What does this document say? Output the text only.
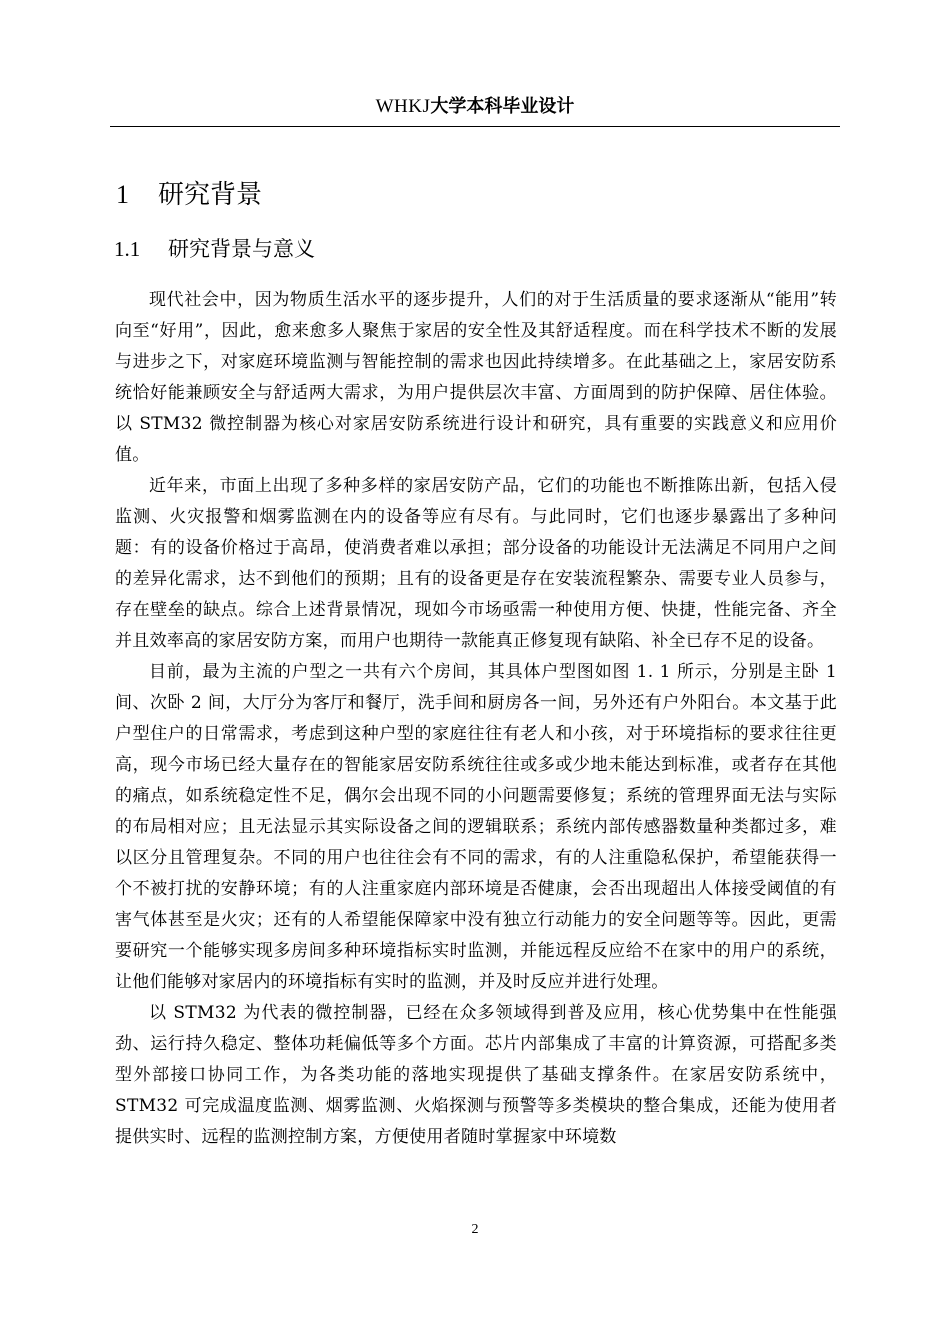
WHKJ大学本科毕业设计
1 研究背景
1.1 研究背景与意义

现代社会中，因为物质生活水平的逐步提升，人们的对于生活质量的要求逐渐从“能用”转向至“好用”，因此，愈来愈多人聚焦于家居的安全性及其舒适程度。而在科学技术不断的发展与进步之下，对家庭环境监测与智能控制的需求也因此持续增多。在此基础之上，家居安防系统恰好能兼顾安全与舒适两大需求，为用户提供层次丰富、方面周到的防护保障、居住体验。以 STM32 微控制器为核心对家居安防系统进行设计和研究，具有重要的实践意义和应用价值。

近年来，市面上出现了多种多样的家居安防产品，它们的功能也不断推陈出新，包括入侵监测、火灾报警和烟雾监测在内的设备等应有尽有。与此同时，它们也逐步暴露出了多种问题：有的设备价格过于高昂，使消费者难以承担；部分设备的功能设计无法满足不同用户之间的差异化需求，达不到他们的预期；且有的设备更是存在安装流程繁杂、需要专业人员参与，存在壁垒的缺点。综合上述背景情况，现如今市场亟需一种使用方便、快捷，性能完备、齐全并且效率高的家居安防方案，而用户也期待一款能真正修复现有缺陷、补全已存不足的设备。

目前，最为主流的户型之一共有六个房间，其具体户型图如图 1. 1 所示，分别是主卧 1 间、次卧 2 间，大厅分为客厅和餐厅，洗手间和厨房各一间，另外还有户外阳台。本文基于此户型住户的日常需求，考虑到这种户型的家庭往往有老人和小孩，对于环境指标的要求往往更高，现今市场已经大量存在的智能家居安防系统往往或多或少地未能达到标准，或者存在其他的痛点，如系统稳定性不足，偶尔会出现不同的小问题需要修复；系统的管理界面无法与实际的布局相对应；且无法显示其实际设备之间的逻辑联系；系统内部传感器数量种类都过多，难以区分且管理复杂。不同的用户也往往会有不同的需求，有的人注重隐私保护，希望能获得一个不被打扰的安静环境；有的人注重家庭内部环境是否健康，会否出现超出人体接受阈值的有害气体甚至是火灾；还有的人希望能保障家中没有独立行动能力的安全问题等等。因此，更需要研究一个能够实现多房间多种环境指标实时监测，并能远程反应给不在家中的用户的系统，让他们能够对家居内的环境指标有实时的监测，并及时反应并进行处理。

以 STM32 为代表的微控制器，已经在众多领域得到普及应用，核心优势集中在性能强劲、运行持久稳定、整体功耗偏低等多个方面。芯片内部集成了丰富的计算资源，可搭配多类型外部接口协同工作，为各类功能的落地实现提供了基础支撑条件。在家居安防系统中，STM32 可完成温度监测、烟雾监测、火焰探测与预警等多类模块的整合集成，还能为使用者提供实时、远程的监测控制方案，方便使用者随时掌握家中环境数

2
